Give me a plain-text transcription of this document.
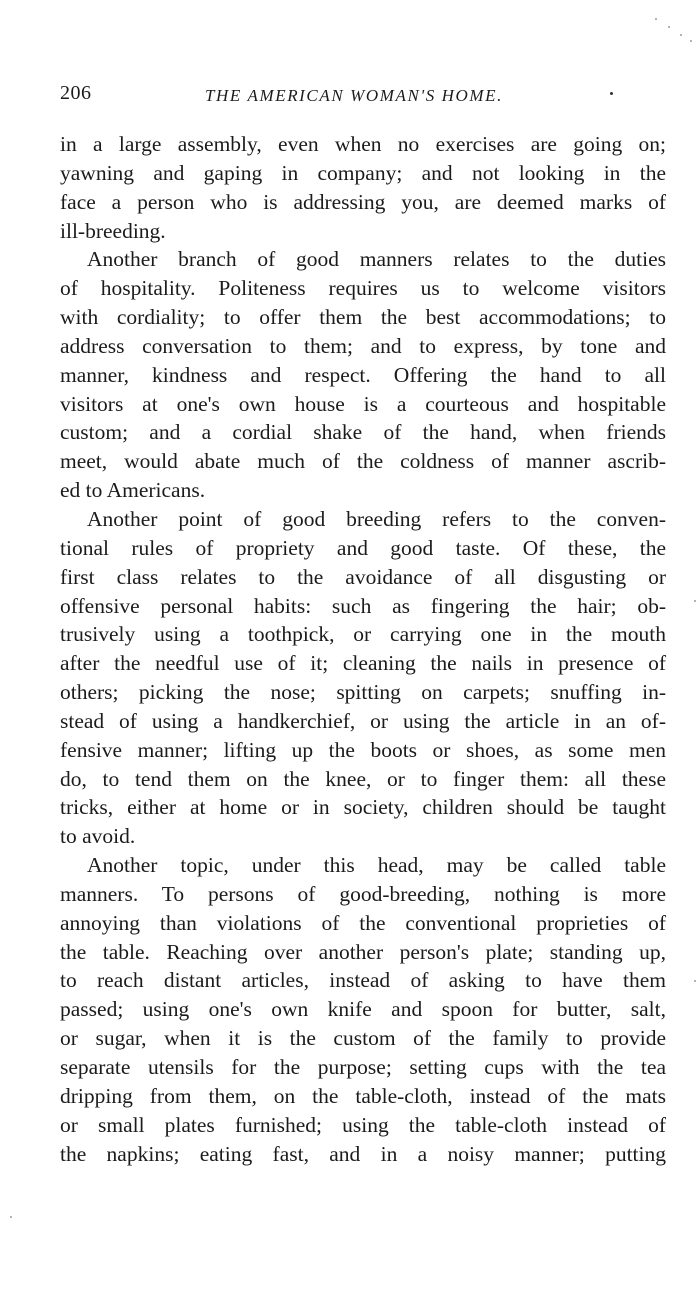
206	THE AMERICAN WOMAN'S HOME.
in a large assembly, even when no exercises are going on;
yawning and gaping in company; and not looking in the
face a person who is addressing you, are deemed marks of
ill-breeding.
Another branch of good manners relates to the duties
of hospitality. Politeness requires us to welcome visitors
with cordiality; to offer them the best accommodations; to
address conversation to them; and to express, by tone and
manner, kindness and respect. Offering the hand to all
visitors at one's own house is a courteous and hospitable
custom; and a cordial shake of the hand, when friends
meet, would abate much of the coldness of manner ascrib-
ed to Americans.
Another point of good breeding refers to the conven-
tional rules of propriety and good taste. Of these, the
first class relates to the avoidance of all disgusting or
offensive personal habits: such as fingering the hair; ob-
trusively using a toothpick, or carrying one in the mouth
after the needful use of it; cleaning the nails in presence of
others; picking the nose; spitting on carpets; snuffing in-
stead of using a handkerchief, or using the article in an of-
fensive manner; lifting up the boots or shoes, as some men
do, to tend them on the knee, or to finger them: all these
tricks, either at home or in society, children should be taught
to avoid.
Another topic, under this head, may be called table
manners. To persons of good-breeding, nothing is more
annoying than violations of the conventional proprieties of
the table. Reaching over another person's plate; standing up,
to reach distant articles, instead of asking to have them
passed; using one's own knife and spoon for butter, salt,
or sugar, when it is the custom of the family to provide
separate utensils for the purpose; setting cups with the tea
dripping from them, on the table-cloth, instead of the mats
or small plates furnished; using the table-cloth instead of
the napkins; eating fast, and in a noisy manner; putting
